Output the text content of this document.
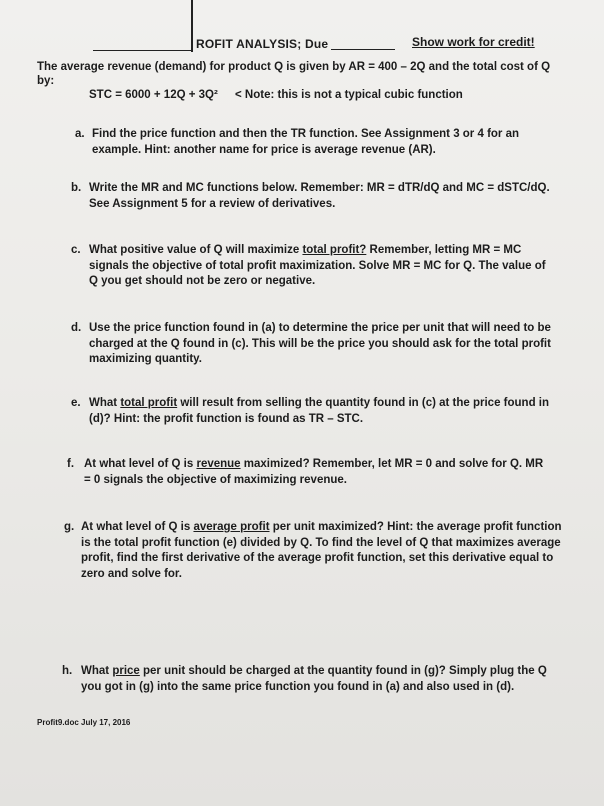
ROFIT ANALYSIS; Due	Show work for credit!
The average revenue (demand) for product Q is given by AR = 400 – 2Q and the total cost of Q by:
STC = 6000 + 12Q + 3Q² < Note: this is not a typical cubic function
a. Find the price function and then the TR function. See Assignment 3 or 4 for an example. Hint: another name for price is average revenue (AR).
b. Write the MR and MC functions below. Remember: MR = dTR/dQ and MC = dSTC/dQ. See Assignment 5 for a review of derivatives.
c. What positive value of Q will maximize total profit? Remember, letting MR = MC signals the objective of total profit maximization. Solve MR = MC for Q. The value of Q you get should not be zero or negative.
d. Use the price function found in (a) to determine the price per unit that will need to be charged at the Q found in (c). This will be the price you should ask for the total profit maximizing quantity.
e. What total profit will result from selling the quantity found in (c) at the price found in (d)? Hint: the profit function is found as TR – STC.
f. At what level of Q is revenue maximized? Remember, let MR = 0 and solve for Q. MR = 0 signals the objective of maximizing revenue.
g. At what level of Q is average profit per unit maximized? Hint: the average profit function is the total profit function (e) divided by Q. To find the level of Q that maximizes average profit, find the first derivative of the average profit function, set this derivative equal to zero and solve for.
h. What price per unit should be charged at the quantity found in (g)? Simply plug the Q you got in (g) into the same price function you found in (a) and also used in (d).
Profit9.doc July 17, 2016
